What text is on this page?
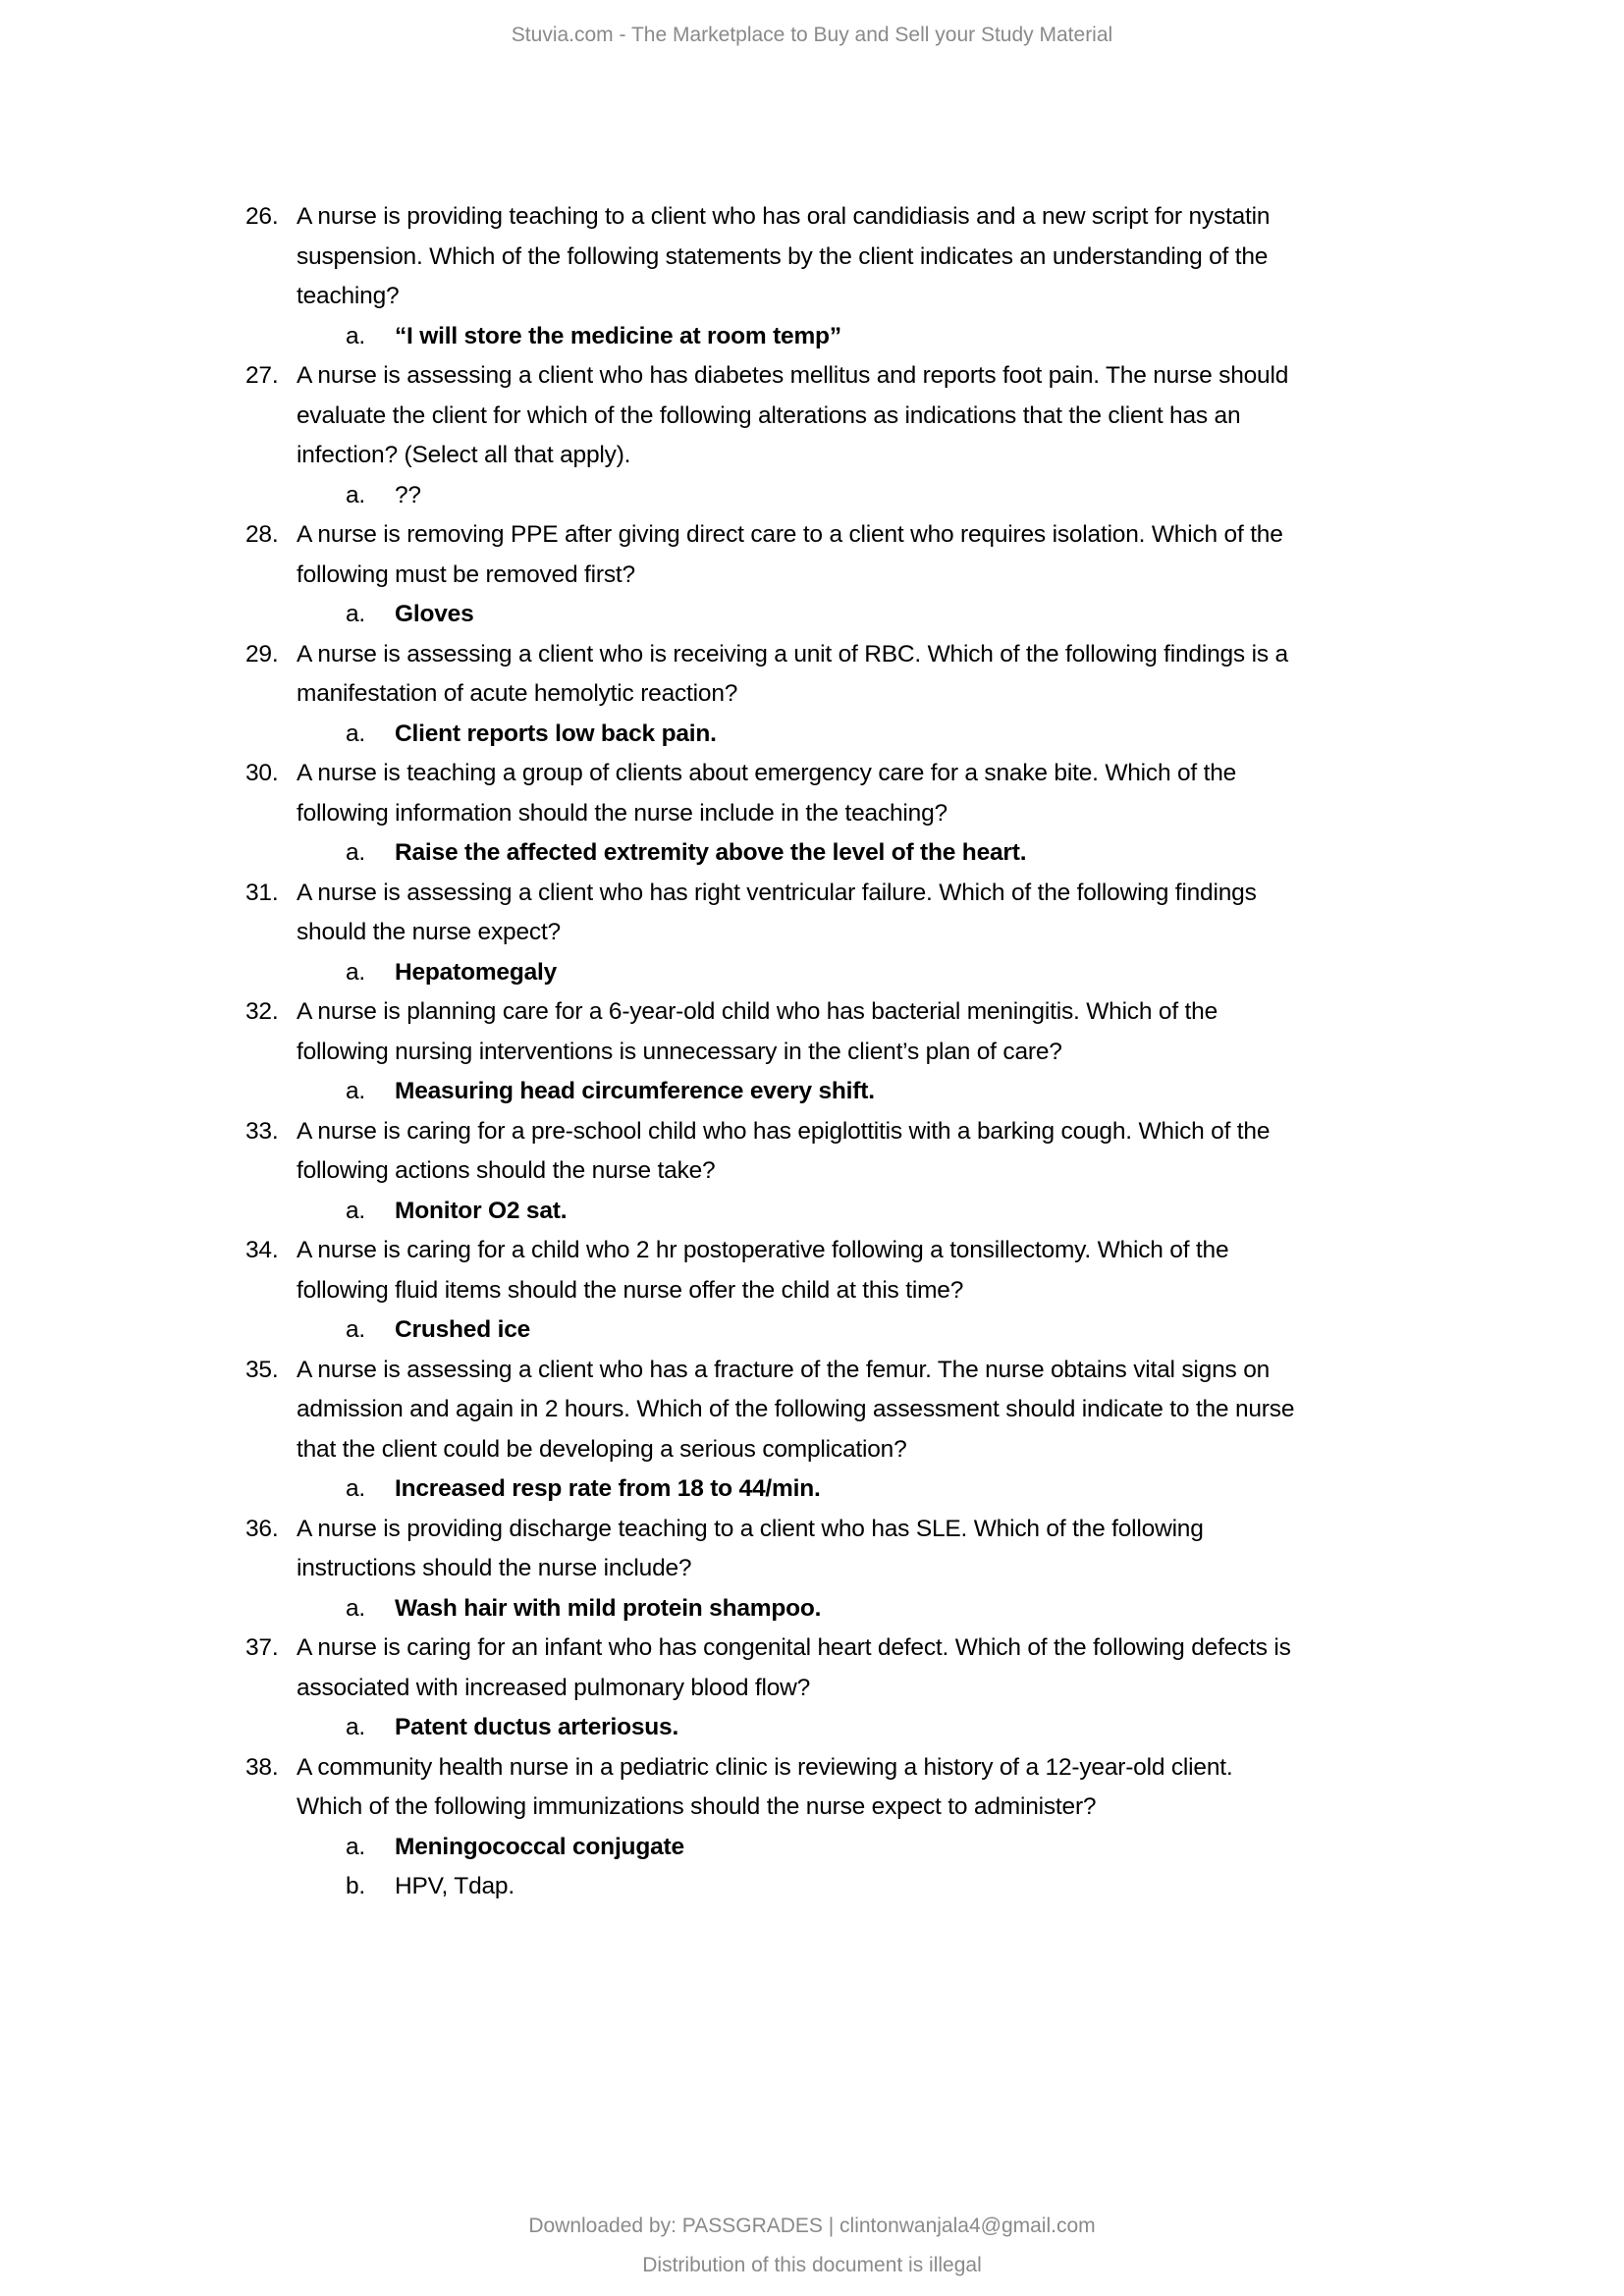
Stuvia.com - The Marketplace to Buy and Sell your Study Material
26. A nurse is providing teaching to a client who has oral candidiasis and a new script for nystatin
suspension. Which of the following statements by the client indicates an understanding of the
teaching?
a. “I will store the medicine at room temp”
27. A nurse is assessing a client who has diabetes mellitus and reports foot pain. The nurse should
evaluate the client for which of the following alterations as indications that the client has an
infection? (Select all that apply).
a. ??
28. A nurse is removing PPE after giving direct care to a client who requires isolation. Which of the
following must be removed first?
a. Gloves
29. A nurse is assessing a client who is receiving a unit of RBC. Which of the following findings is a
manifestation of acute hemolytic reaction?
a. Client reports low back pain.
30. A nurse is teaching a group of clients about emergency care for a snake bite. Which of the
following information should the nurse include in the teaching?
a. Raise the affected extremity above the level of the heart.
31. A nurse is assessing a client who has right ventricular failure. Which of the following findings
should the nurse expect?
a. Hepatomegaly
32. A nurse is planning care for a 6-year-old child who has bacterial meningitis. Which of the
following nursing interventions is unnecessary in the client’s plan of care?
a. Measuring head circumference every shift.
33. A nurse is caring for a pre-school child who has epiglottitis with a barking cough. Which of the
following actions should the nurse take?
a. Monitor O2 sat.
34. A nurse is caring for a child who 2 hr postoperative following a tonsillectomy. Which of the
following fluid items should the nurse offer the child at this time?
a. Crushed ice
35. A nurse is assessing a client who has a fracture of the femur. The nurse obtains vital signs on
admission and again in 2 hours. Which of the following assessment should indicate to the nurse
that the client could be developing a serious complication?
a. Increased resp rate from 18 to 44/min.
36. A nurse is providing discharge teaching to a client who has SLE. Which of the following
instructions should the nurse include?
a. Wash hair with mild protein shampoo.
37. A nurse is caring for an infant who has congenital heart defect. Which of the following defects is
associated with increased pulmonary blood flow?
a. Patent ductus arteriosus.
38. A community health nurse in a pediatric clinic is reviewing a history of a 12-year-old client.
Which of the following immunizations should the nurse expect to administer?
a. Meningococcal conjugate
b. HPV, Tdap.
Downloaded by: PASSGRADES | clintonwanjala4@gmail.com
Distribution of this document is illegal
